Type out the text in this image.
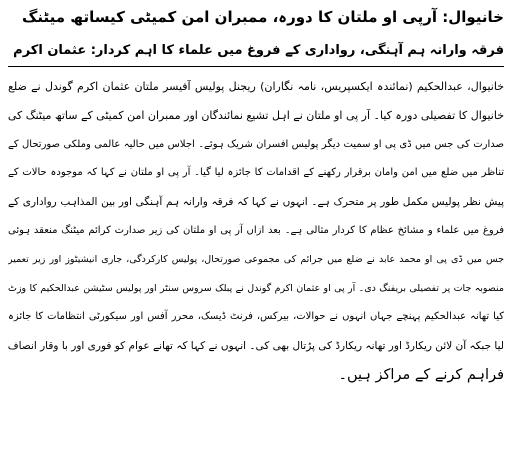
خانیوال: آرپی او ملتان کا دورہ، ممبران امن کمیٹی کیساتھ میٹنگ
فرقہ وارانہ ہم آہنگی، رواداری کے فروغ میں علماء کا اہم کردار: عثمان اکرم
خانیوال، عبدالحکیم (نمائندہ ایکسپریس، نامہ نگاران) ریجنل پولیس آفیسر ملتان عثمان اکرم گوندل نے ضلع
خانیوال کا تفصیلی دورہ کیا۔ آر پی او ملتان نے اہل تشیع نمائندگان اور ممبران امن کمیٹی کے ساتھ میٹنگ کی
صدارت کی جس میں ڈی پی او سمیت دیگر پولیس افسران شریک ہوئے۔ اجلاس میں حالیہ عالمی وملکی صورتحال کے
تناظر میں ضلع میں امن وامان برقرار رکھنے کے اقدامات کا جائزہ لیا گیا۔ آر پی او ملتان نے کہا کہ موجودہ حالات کے
پیش نظر پولیس مکمل طور پر متحرک ہے۔ انہوں نے کہا کہ فرقہ وارانہ ہم آہنگی اور بین المذاہب رواداری کے
فروغ میں علماء و مشائخ عظام کا کردار مثالی ہے۔ بعد ازاں آر پی او ملتان کی زیر صدارت کرائم میٹنگ منعقد ہوئی
جس میں ڈی پی او محمد عابد نے ضلع میں جرائم کی مجموعی صورتحال، پولیس کارکردگی، جاری انیشیٹوز اور زیر تعمیر
منصوبہ جات پر تفصیلی بریفنگ دی۔ آر پی او عثمان اکرم گوندل نے پبلک سروس سنٹر اور پولیس سٹیشن عبدالحکیم کا وزٹ
کیا تھانہ عبدالحکیم پہنچے جہاں انہوں نے حوالات، بیرکس، فرنٹ ڈیسک، محرر آفس اور سیکورٹی انتظامات کا جائزہ
لیا جبکہ آن لائن ریکارڈ اور تھانہ ریکارڈ کی پڑتال بھی کی۔ انہوں نے کہا کہ تھانے عوام کو فوری اور با وقار انصاف
فراہم کرنے کے مراکز ہیں۔
